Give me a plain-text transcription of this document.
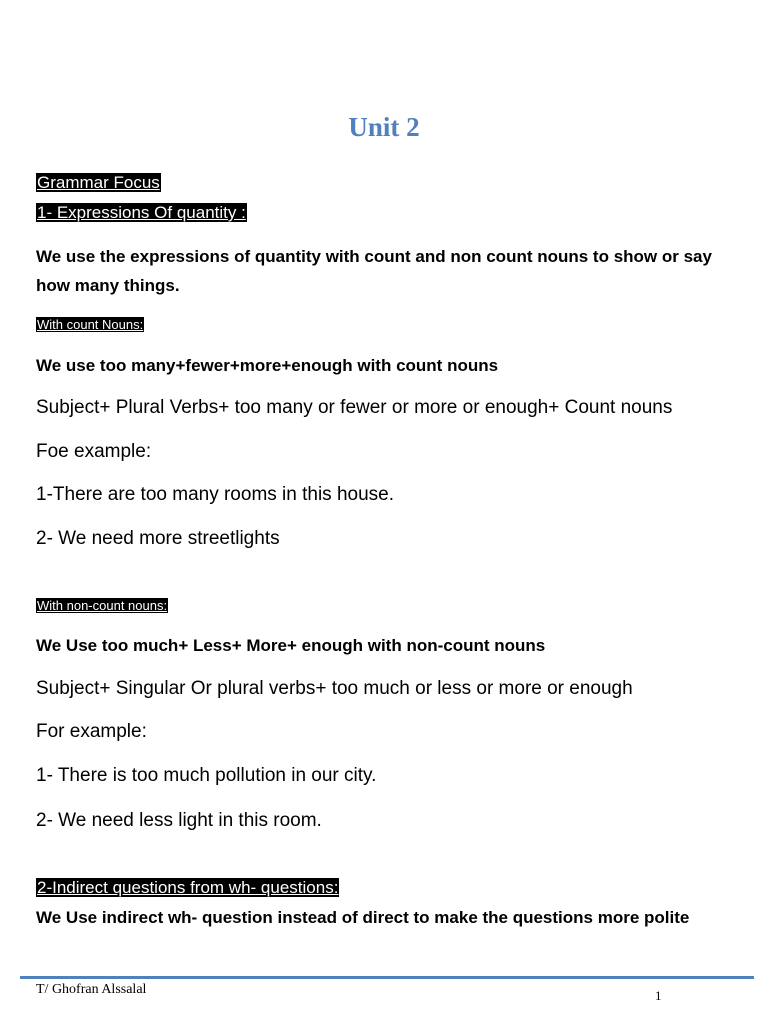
Unit 2
Grammar Focus
1- Expressions Of quantity :
We use the expressions of quantity with count and non count nouns to show or say how many things.
With count Nouns:
We use too many+fewer+more+enough with count nouns
Subject+ Plural Verbs+ too many or fewer or more or enough+ Count nouns
Foe example:
1-There are too many rooms in this house.
2- We need more streetlights
With non-count nouns:
We Use too much+ Less+ More+ enough with non-count nouns
Subject+ Singular Or plural verbs+ too much or less or more or enough
For example:
1- There is too much pollution in our city.
2- We need less light in this room.
2-Indirect questions from wh- questions:
We Use indirect wh- question instead of direct to make the questions more polite
T/ Ghofran Alssalal	1
